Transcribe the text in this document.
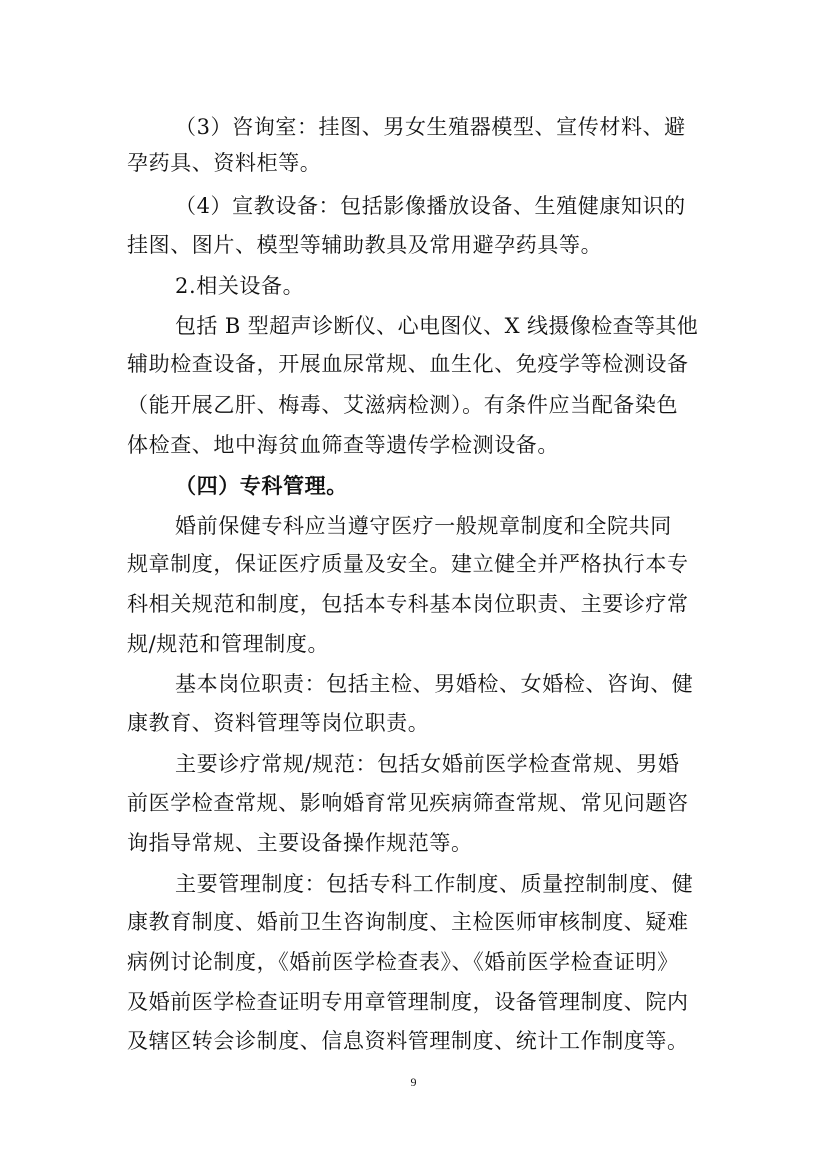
（3）咨询室：挂图、男女生殖器模型、宣传材料、避
孕药具、资料柜等。
（4）宣教设备：包括影像播放设备、生殖健康知识的
挂图、图片、模型等辅助教具及常用避孕药具等。
2.相关设备。
包括 B 型超声诊断仪、心电图仪、X 线摄像检查等其他
辅助检查设备，开展血尿常规、血生化、免疫学等检测设备
（能开展乙肝、梅毒、艾滋病检测）。有条件应当配备染色
体检查、地中海贫血筛查等遗传学检测设备。
（四）专科管理。
婚前保健专科应当遵守医疗一般规章制度和全院共同
规章制度，保证医疗质量及安全。建立健全并严格执行本专
科相关规范和制度，包括本专科基本岗位职责、主要诊疗常
规/规范和管理制度。
基本岗位职责：包括主检、男婚检、女婚检、咨询、健
康教育、资料管理等岗位职责。
主要诊疗常规/规范：包括女婚前医学检查常规、男婚
前医学检查常规、影响婚育常见疾病筛查常规、常见问题咨
询指导常规、主要设备操作规范等。
主要管理制度：包括专科工作制度、质量控制制度、健
康教育制度、婚前卫生咨询制度、主检医师审核制度、疑难
病例讨论制度，《婚前医学检查表》、《婚前医学检查证明》
及婚前医学检查证明专用章管理制度，设备管理制度、院内
及辖区转会诊制度、信息资料管理制度、统计工作制度等。
9
